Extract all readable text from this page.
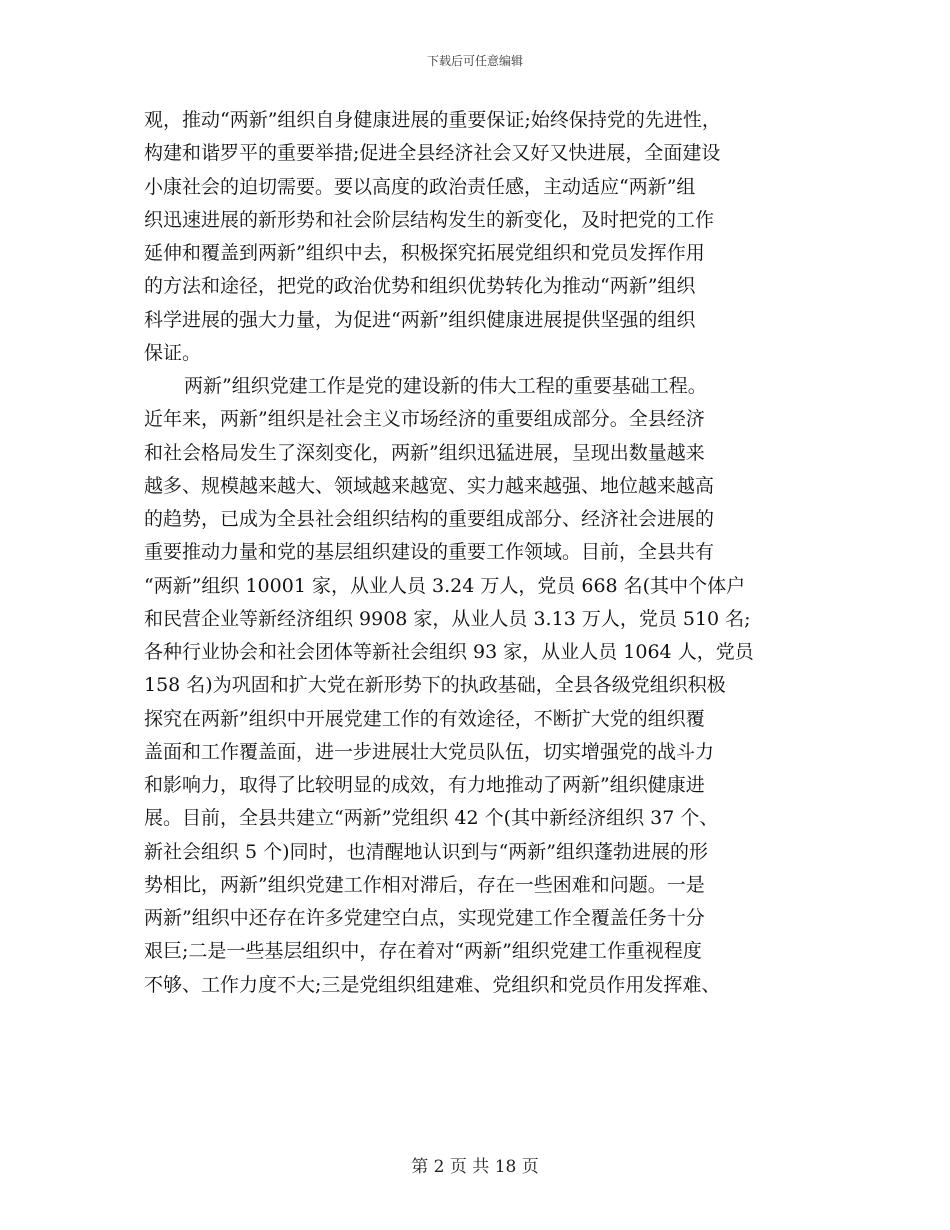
下载后可任意编辑
观，推动“两新”组织自身健康进展的重要保证;始终保持党的先进性，
构建和谐罗平的重要举措;促进全县经济社会又好又快进展，全面建设
小康社会的迫切需要。要以高度的政治责任感，主动适应“两新”组
织迅速进展的新形势和社会阶层结构发生的新变化，及时把党的工作
延伸和覆盖到两新”组织中去，积极探究拓展党组织和党员发挥作用
的方法和途径，把党的政治优势和组织优势转化为推动“两新”组织
科学进展的强大力量，为促进“两新”组织健康进展提供坚强的组织
保证。
两新”组织党建工作是党的建设新的伟大工程的重要基础工程。
近年来，两新”组织是社会主义市场经济的重要组成部分。全县经济
和社会格局发生了深刻变化，两新”组织迅猛进展，呈现出数量越来
越多、规模越来越大、领域越来越宽、实力越来越强、地位越来越高
的趋势，已成为全县社会组织结构的重要组成部分、经济社会进展的
重要推动力量和党的基层组织建设的重要工作领域。目前，全县共有
“两新”组织 10001 家，从业人员 3.24 万人，党员 668 名(其中个体户
和民营企业等新经济组织 9908 家，从业人员 3.13 万人，党员 510 名;
各种行业协会和社会团体等新社会组织 93 家，从业人员 1064 人，党员
158 名)为巩固和扩大党在新形势下的执政基础，全县各级党组织积极
探究在两新”组织中开展党建工作的有效途径，不断扩大党的组织覆
盖面和工作覆盖面，进一步进展壮大党员队伍，切实增强党的战斗力
和影响力，取得了比较明显的成效，有力地推动了两新”组织健康进
展。目前，全县共建立“两新”党组织 42 个(其中新经济组织 37 个、
新社会组织 5 个)同时，也清醒地认识到与“两新”组织蓬勃进展的形
势相比，两新”组织党建工作相对滞后，存在一些困难和问题。一是
两新”组织中还存在许多党建空白点，实现党建工作全覆盖任务十分
艰巨;二是一些基层组织中，存在着对“两新”组织党建工作重视程度
不够、工作力度不大;三是党组织组建难、党组织和党员作用发挥难、
第 2 页 共 18 页
